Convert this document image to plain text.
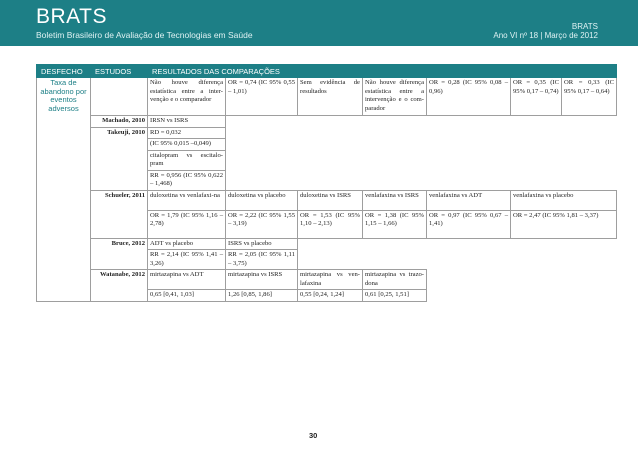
BRATS
Boletim Brasileiro de Avaliação de Tecnologias em Saúde
BRATS
Ano VI nº 18 | Março de 2012
DESFECHO	ESTUDOS	RESULTADOS DAS COMPARAÇÕES						
Taxa de abandono por eventos adversos		Não houve diferença estatística entre a inter-venção e o comparador	OR = 0,74 (IC 95% 0,55 – 1,01)	Sem evidência de resultados	Não houve diferença estatística entre a intervenção e o com-parador	OR = 0,28 (IC 95% 0,08 – 0,96)	OR = 0,35 (IC 95% 0,17 – 0,74)	OR = 0,33 (IC 95% 0,17 – 0,64)
	Machado, 2010	IRSN vs ISRS						
	Takeuji, 2010	RD = 0,032						
		(IC 95% 0,015 –0,049)						
		citalopram vs escitalo-pram						
		RR = 0,956 (IC 95% 0,622 – 1,468)						
	Schueler, 2011	duloxetina vs venlafaxi-na	duloxetina vs placebo	duloxetina vs ISRS	venlafaxina vs ISRS	venlafaxina vs ADT	venlafaxina vs placebo	
		OR = 1,79 (IC 95% 1,16 – 2,78)	OR = 2,22 (IC 95% 1,55 – 3,19)	OR = 1,53 (IC 95% 1,10 – 2,13)	OR = 1,38 (IC 95% 1,15 – 1,66)	OR = 0,97 (IC 95% 0,67 – 1,41)	OR = 2,47 (IC 95% 1,81 – 3,37)	
	Bruce, 2012	ADT vs placebo	ISRS vs placebo					
		RR = 2,14 (IC 95% 1,41 – 3,26)	RR = 2,05 (IC 95% 1,11 – 3,75)					
	Watanabe, 2012	mirtazapina vs ADT	mirtazapina vs ISRS	mirtazapina vs ven-lafaxina	mirtazapina vs trazo-dona			
		0,65 [0,41, 1,03]	1,26 [0,85, 1,86]	0,55 [0,24, 1,24]	0,61 [0,25, 1,51]			
30
